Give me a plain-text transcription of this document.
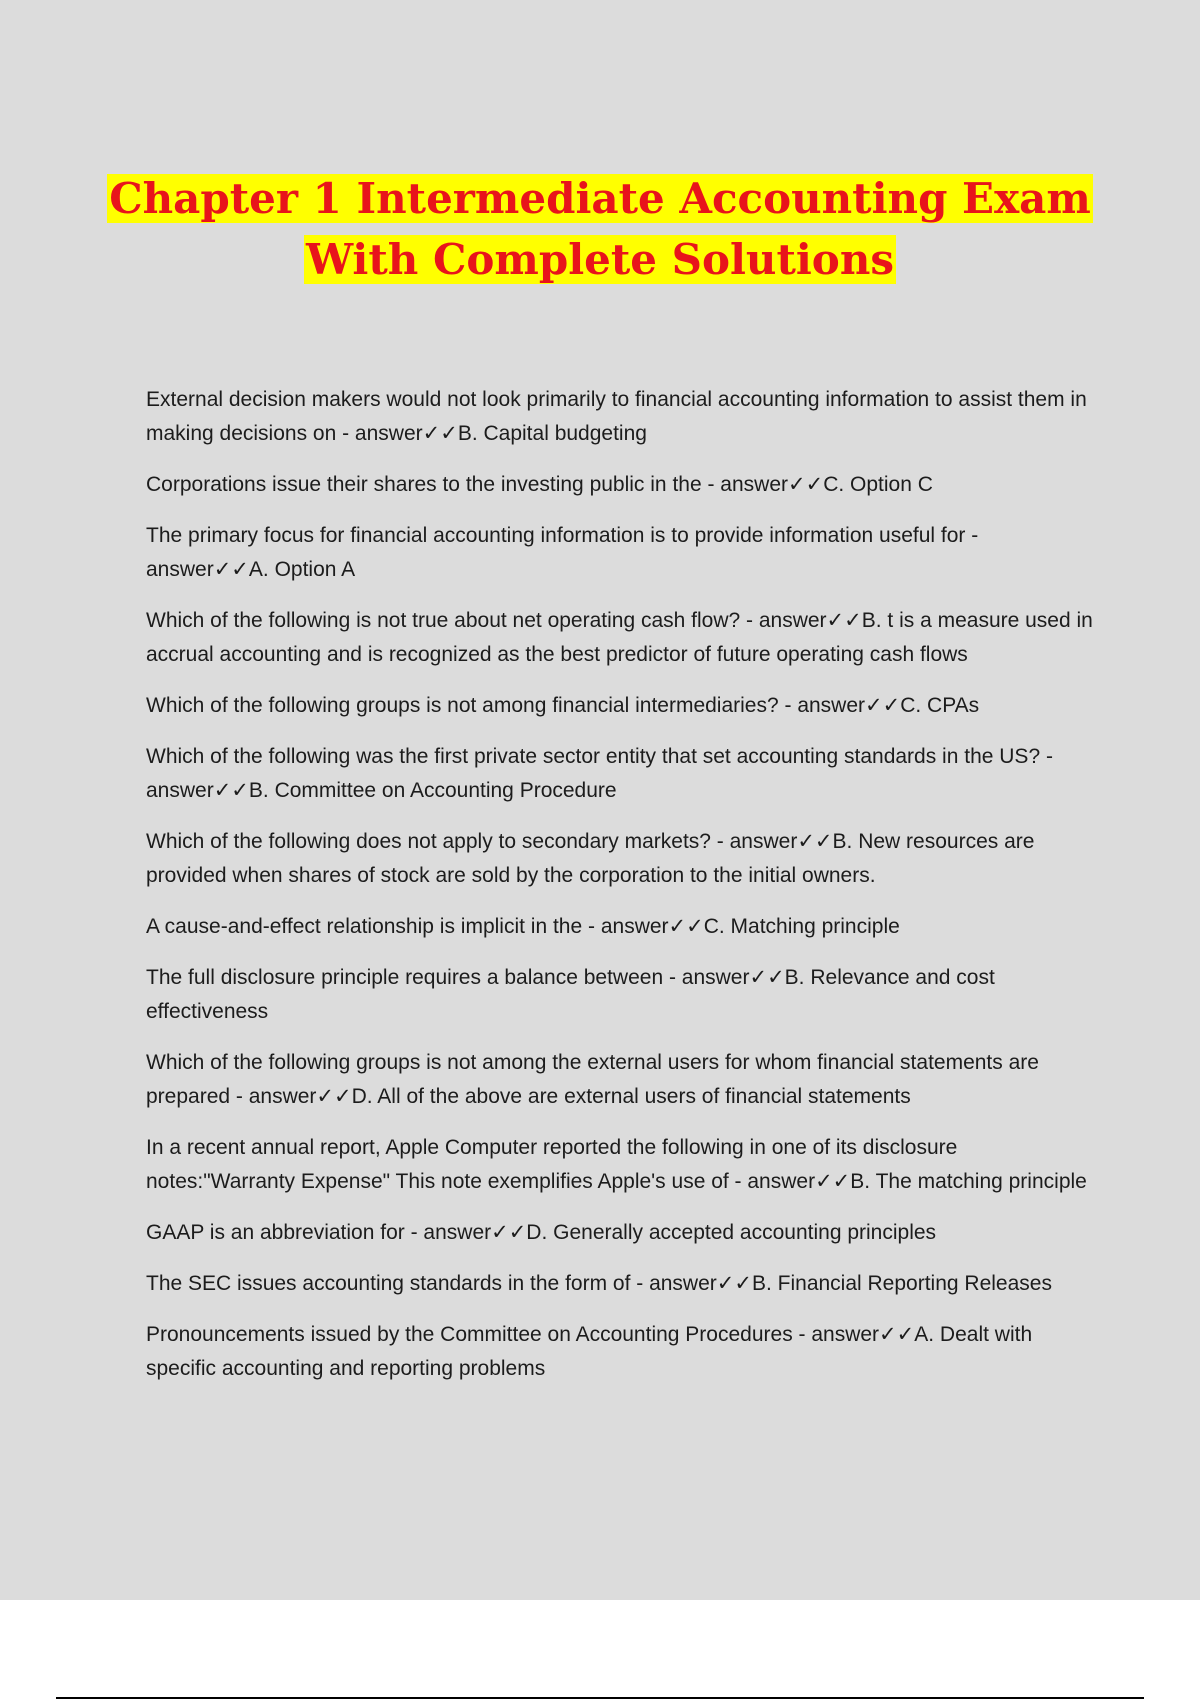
Chapter 1 Intermediate Accounting Exam
With Complete Solutions

External decision makers would not look primarily to financial accounting information to assist them in making decisions on - answer✓✓B. Capital budgeting

Corporations issue their shares to the investing public in the - answer✓✓C. Option C

The primary focus for financial accounting information is to provide information useful for - answer✓✓A. Option A

Which of the following is not true about net operating cash flow? - answer✓✓B. t is a measure used in accrual accounting and is recognized as the best predictor of future operating cash flows

Which of the following groups is not among financial intermediaries? - answer✓✓C. CPAs

Which of the following was the first private sector entity that set accounting standards in the US? - answer✓✓B. Committee on Accounting Procedure

Which of the following does not apply to secondary markets? - answer✓✓B. New resources are provided when shares of stock are sold by the corporation to the initial owners.

A cause-and-effect relationship is implicit in the - answer✓✓C. Matching principle

The full disclosure principle requires a balance between - answer✓✓B. Relevance and cost effectiveness

Which of the following groups is not among the external users for whom financial statements are prepared - answer✓✓D. All of the above are external users of financial statements

In a recent annual report, Apple Computer reported the following in one of its disclosure notes:"Warranty Expense" This note exemplifies Apple's use of - answer✓✓B. The matching principle

GAAP is an abbreviation for - answer✓✓D. Generally accepted accounting principles

The SEC issues accounting standards in the form of - answer✓✓B. Financial Reporting Releases

Pronouncements issued by the Committee on Accounting Procedures - answer✓✓A. Dealt with specific accounting and reporting problems
